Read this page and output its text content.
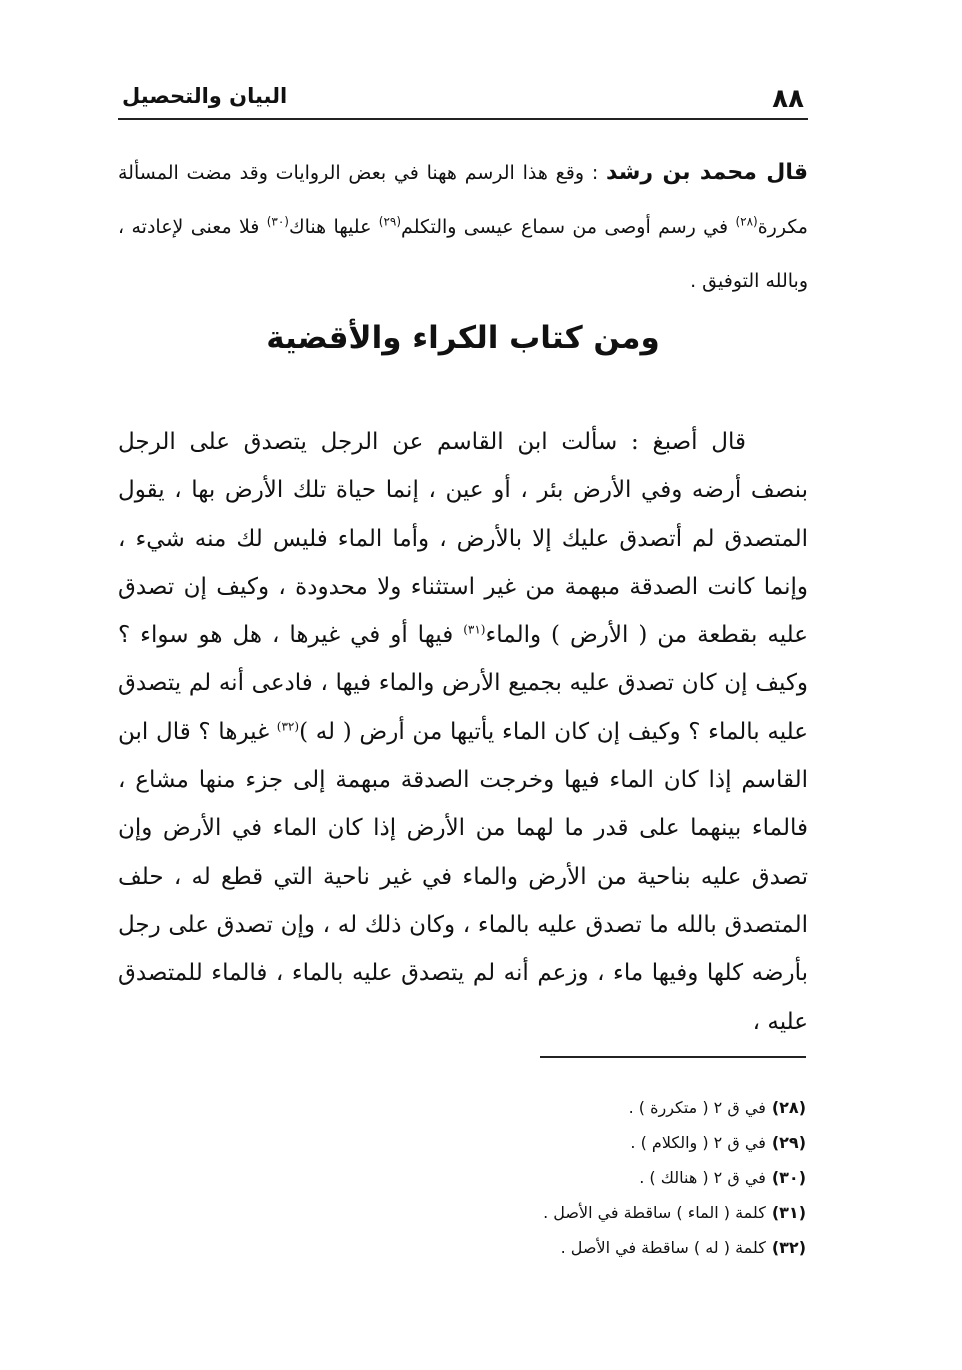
٨٨
البيان والتحصيل
قال محمد بن رشد : وقع هذا الرسم ههنا في بعض الروايات وقد مضت المسألة مكررة$^{(٢٨)}$ في رسم أوصى من سماع عيسى والتكلم$^{(٢٩)}$ عليها هناك$^{(٣٠)}$ فلا معنى لإعادته ، وبالله التوفيق .
ومن كتاب الكراء والأقضية

قال أصبغ : سألت ابن القاسم عن الرجل يتصدق على الرجل بنصف أرضه وفي الأرض بئر ، أو عين ، إنما حياة تلك الأرض بها ، يقول المتصدق لم أتصدق عليك إلا بالأرض ، وأما الماء فليس لك منه شيء ، وإنما كانت الصدقة مبهمة من غير استثناء ولا محدودة ، وكيف إن تصدق عليه بقطعة من ( الأرض ) والماء$^{(٣١)}$ فيها أو في غيرها ، هل هو سواء ؟ وكيف إن كان تصدق عليه بجميع الأرض والماء فيها ، فادعى أنه لم يتصدق عليه بالماء ؟ وكيف إن كان الماء يأتيها من أرض ( له )$^{(٣٢)}$ غيرها ؟ قال ابن القاسم إذا كان الماء فيها وخرجت الصدقة مبهمة إلى جزء منها مشاع ، فالماء بينهما على قدر ما لهما من الأرض إذا كان الماء في الأرض وإن تصدق عليه بناحية من الأرض والماء في غير ناحية التي قطع له ، حلف المتصدق بالله ما تصدق عليه بالماء ، وكان ذلك له ، وإن تصدق على رجل بأرضه كلها وفيها ماء ، وزعم أنه لم يتصدق عليه بالماء ، فالماء للمتصدق عليه ،

(٢٨)في ق ٢ ( متكررة ) .
(٢٩)في ق ٢ ( والكلام ) .
(٣٠)في ق ٢ ( هنالك ) .
(٣١)كلمة ( الماء ) ساقطة في الأصل .
(٣٢)كلمة ( له ) ساقطة في الأصل .
